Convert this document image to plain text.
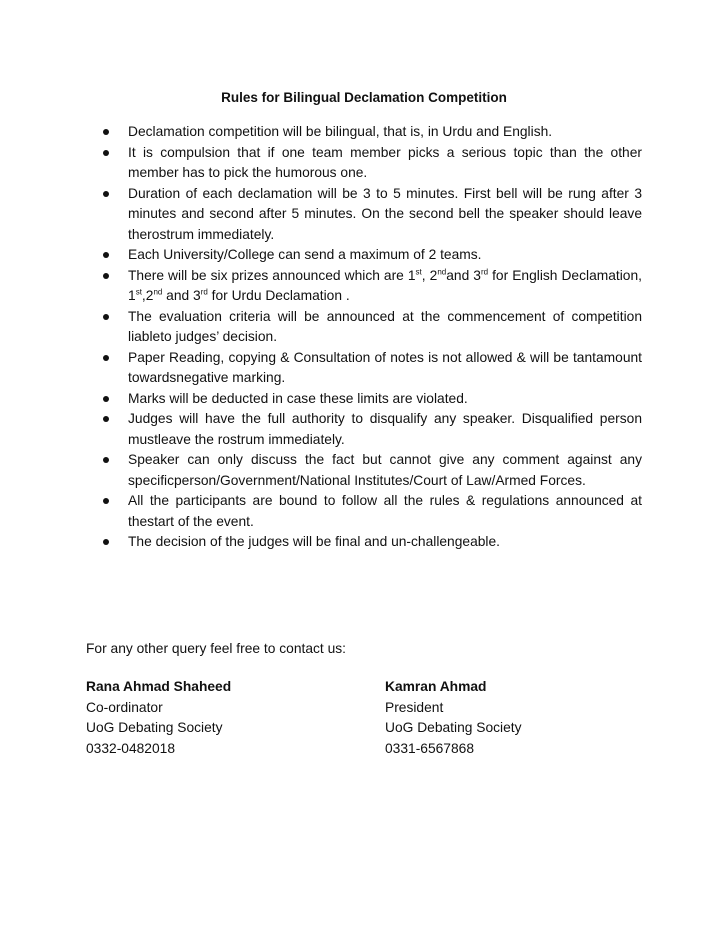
Rules for Bilingual Declamation Competition
Declamation competition will be bilingual, that is, in Urdu and English.
It is compulsion that if one team member picks a serious topic than the other member has to pick the humorous one.
Duration of each declamation will be 3 to 5 minutes. First bell will be rung after 3 minutes and second after 5 minutes. On the second bell the speaker should leave therostrum immediately.
Each University/College can send a maximum of 2 teams.
There will be six prizes announced which are 1st, 2ndand 3rd for English Declamation, 1st,2nd and 3rd for Urdu Declamation .
The evaluation criteria will be announced at the commencement of competition liableto judges’ decision.
Paper Reading, copying & Consultation of notes is not allowed & will be tantamount towardsnegative marking.
Marks will be deducted in case these limits are violated.
Judges will have the full authority to disqualify any speaker. Disqualified person mustleave the rostrum immediately.
Speaker can only discuss the fact but cannot give any comment against any specificperson/Government/National Institutes/Court of Law/Armed Forces.
All the participants are bound to follow all the rules & regulations announced at thestart of the event.
The decision of the judges will be final and un-challengeable.
For any other query feel free to contact us:
Rana Ahmad Shaheed
Co-ordinator
UoG Debating Society
0332-0482018
Kamran Ahmad
President
UoG Debating Society
0331-6567868
